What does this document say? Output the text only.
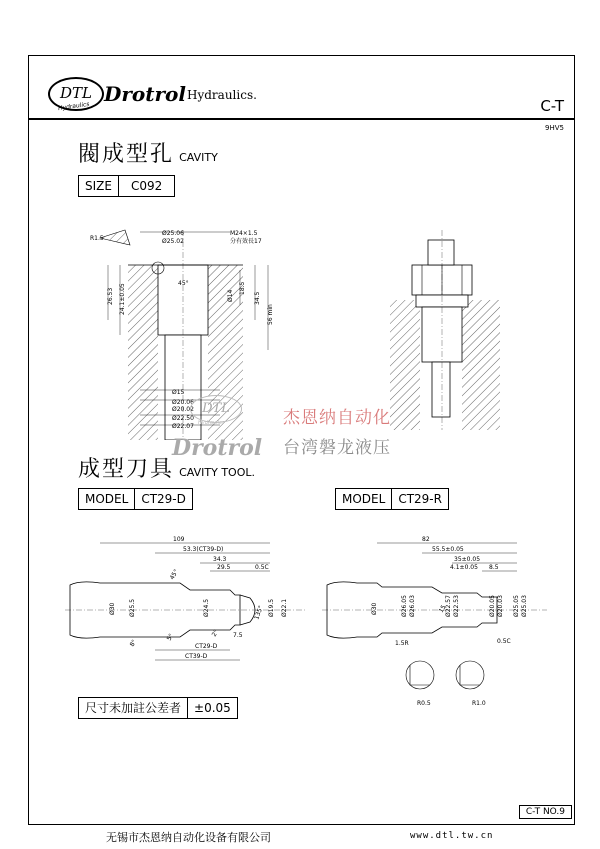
DTL
Hydraulics
Drotrol Hydraulics.
C-T
9HV5
閥成型孔 CAVITY
SIZE	C092
R1.5
Ø25.06
Ø25.02
M24×1.5
分有效長17
45°
26.53 24.1±0.05	Ø14
18.5
34.5
56 min
Ø15
Ø20.06
Ø20.02
Ø22.50
Ø22.07
DTL
Hydraulics
Drotrol
杰恩纳自动化
台湾磐龙液压
成型刀具 CAVITY TOOL.
MODEL	CT29-D	MODEL	CT29-R
109
53.3(CT39-D)
34.3
29.5	0.5C
45°
Ø30 Ø25.5	Ø24.5	Ø19.5 Ø22.1
135°
8°
5°	2° 7.5
CT29-D
CT39-D
82
55.5±0.05
35±0.05
4.1±0.05 8.5
Ø30	Ø26.05 Ø26.03	Ø22.57 Ø22.53	Ø20.05 Ø20.03 Ø25.05 Ø25.03
15
1.5R	0.5C
R0.5	R1.0
尺寸未加註公差者	±0.05
C-T NO.9
无锡市杰恩纳自动化设备有限公司	www.dtl.tw.cn
